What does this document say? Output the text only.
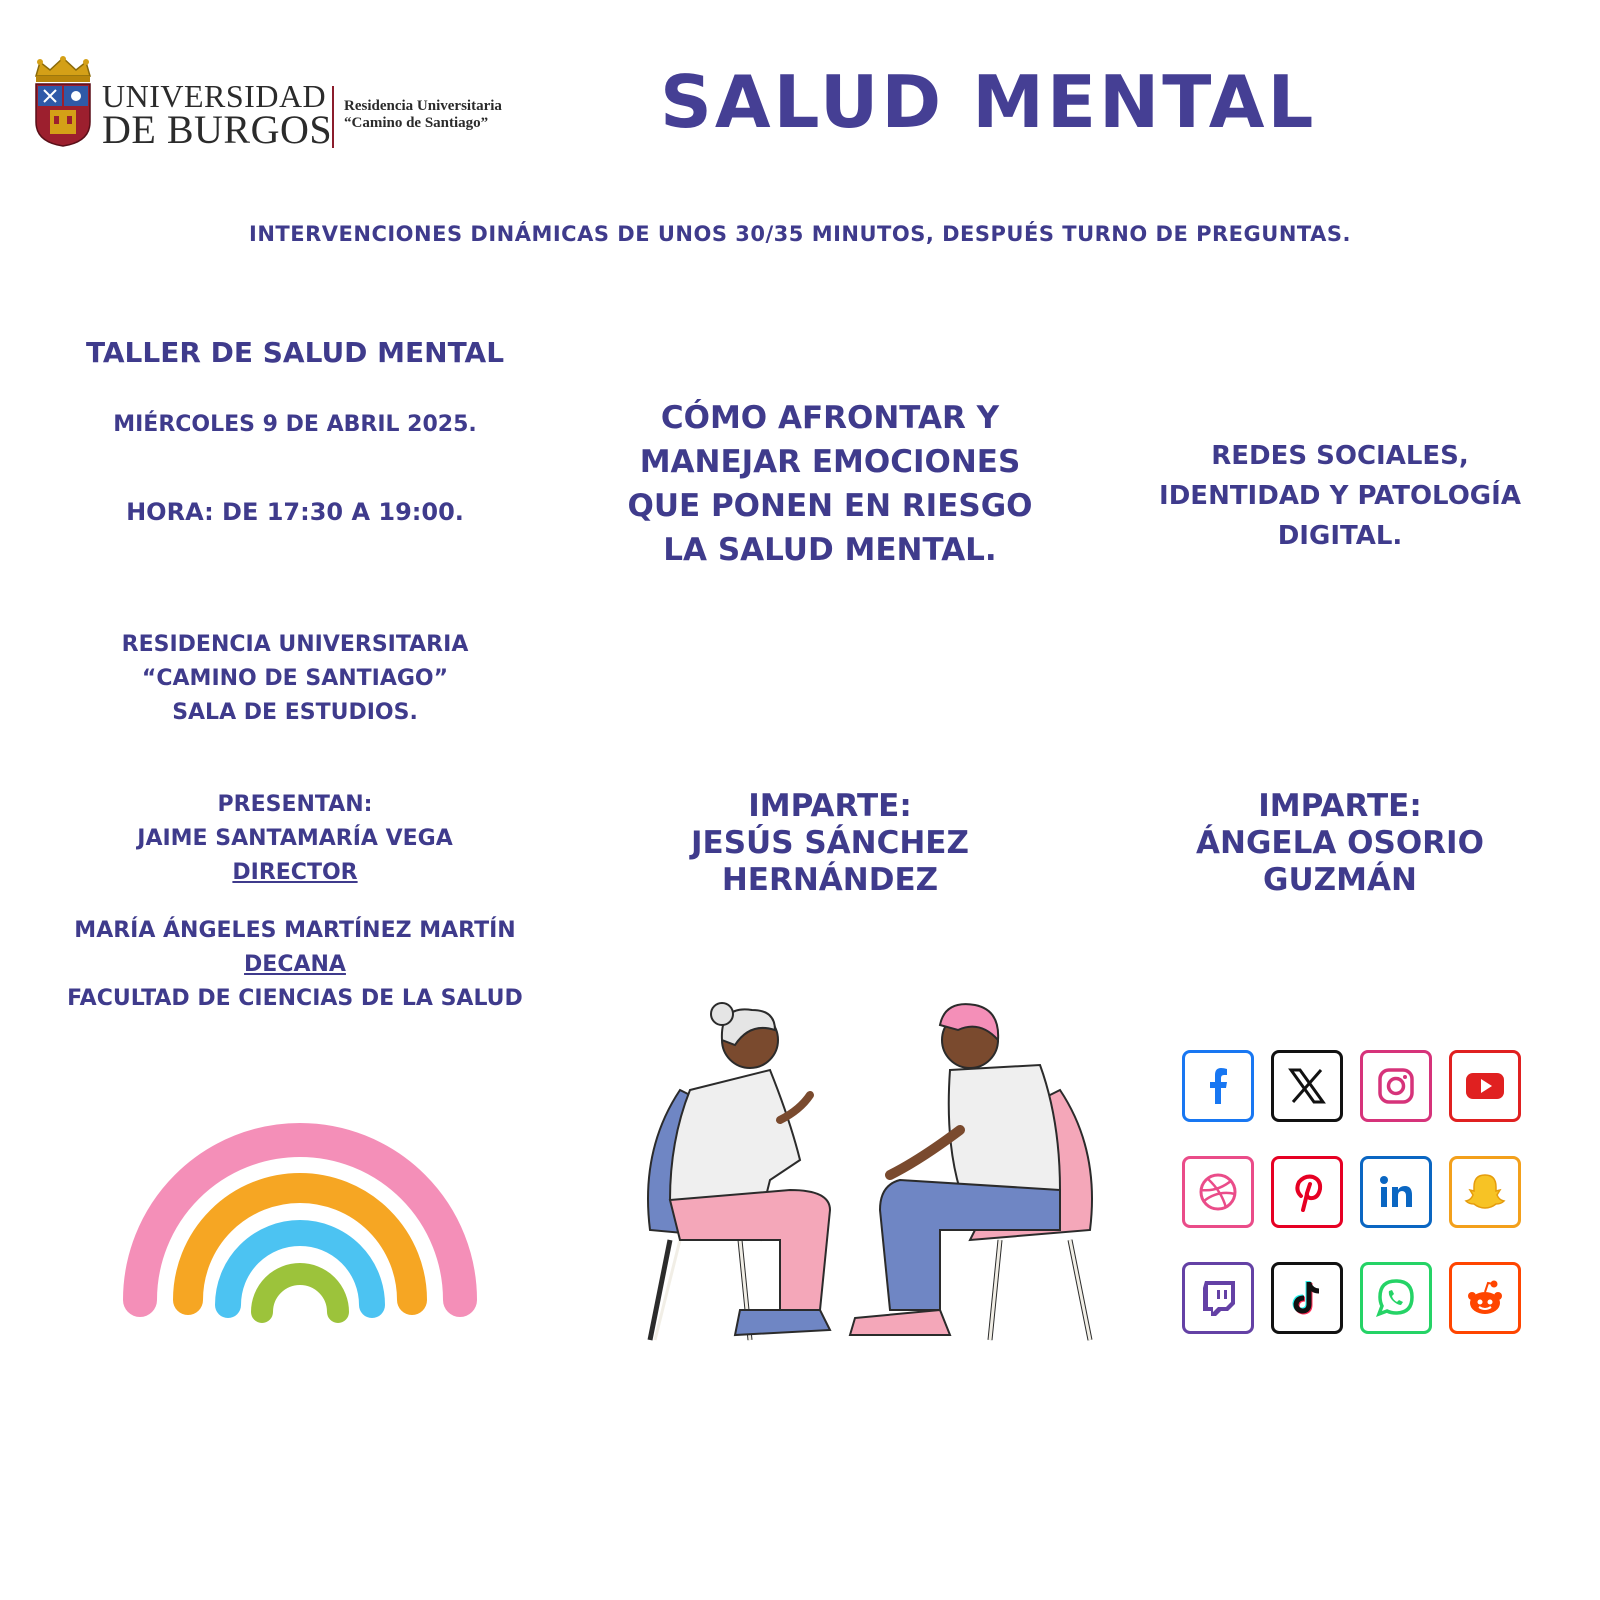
UNIVERSIDAD
DE BURGOS
Residencia Universitaria
“Camino de Santiago” SALUD MENTAL
INTERVENCIONES DINÁMICAS DE UNOS 30/35 MINUTOS, DESPUÉS TURNO DE PREGUNTAS.
TALLER DE SALUD MENTAL
MIÉRCOLES 9 DE ABRIL 2025.
HORA: DE 17:30 A 19:00.
RESIDENCIA UNIVERSITARIA
“CAMINO DE SANTIAGO”
SALA DE ESTUDIOS.
PRESENTAN:
JAIME SANTAMARÍA VEGA
DIRECTOR
MARÍA ÁNGELES MARTÍNEZ MARTÍN
DECANA
FACULTAD DE CIENCIAS DE LA SALUD
CÓMO AFRONTAR Y
MANEJAR EMOCIONES
QUE PONEN EN RIESGO
LA SALUD MENTAL.
IMPARTE:
JESÚS SÁNCHEZ
HERNÁNDEZ
REDES SOCIALES,
IDENTIDAD Y PATOLOGÍA
DIGITAL.
IMPARTE:
ÁNGELA OSORIO
GUZMÁN
